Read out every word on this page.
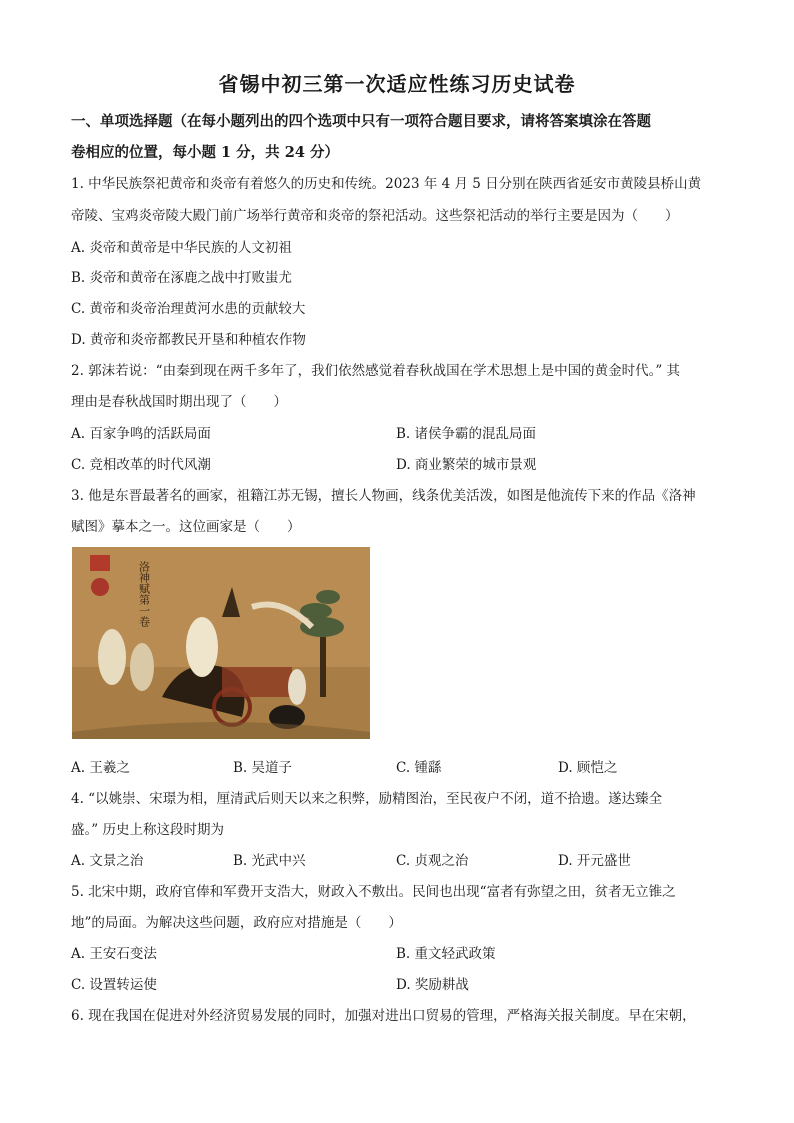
省锡中初三第一次适应性练习历史试卷
一、单项选择题（在每小题列出的四个选项中只有一项符合题目要求，请将答案填涂在答题
卷相应的位置，每小题 1 分，共 24 分）
1. 中华民族祭祀黄帝和炎帝有着悠久的历史和传统。2023 年 4 月 5 日分别在陕西省延安市黄陵县桥山黄
帝陵、宝鸡炎帝陵大殿门前广场举行黄帝和炎帝的祭祀活动。这些祭祀活动的举行主要是因为（　　）
A. 炎帝和黄帝是中华民族的人文初祖
B. 炎帝和黄帝在涿鹿之战中打败蚩尤
C. 黄帝和炎帝治理黄河水患的贡献较大
D. 黄帝和炎帝都教民开垦和种植农作物
2. 郭沫若说：“由秦到现在两千多年了，我们依然感觉着春秋战国在学术思想上是中国的黄金时代。” 其
理由是春秋战国时期出现了（　　）
A. 百家争鸣的活跃局面	B. 诸侯争霸的混乱局面
C. 竞相改革的时代风潮	D. 商业繁荣的城市景观
3. 他是东晋最著名的画家，祖籍江苏无锡，擅长人物画，线条优美活泼，如图是他流传下来的作品《洛神
赋图》摹本之一。这位画家是（　　）
洛神赋第一卷
A. 王羲之	B. 吴道子	C. 锺繇	D. 顾恺之
4. “以姚崇、宋璟为相，厘清武后则天以来之积弊，励精图治，至民夜户不闭，道不拾遗。遂达臻全
盛。” 历史上称这段时期为
A. 文景之治	B. 光武中兴	C. 贞观之治	D. 开元盛世
5. 北宋中期，政府官俸和军费开支浩大，财政入不敷出。民间也出现“富者有弥望之田，贫者无立锥之
地”的局面。为解决这些问题，政府应对措施是（　　）
A. 王安石变法	B. 重文轻武政策
C. 设置转运使	D. 奖励耕战
6. 现在我国在促进对外经济贸易发展的同时，加强对进出口贸易的管理，严格海关报关制度。早在宋朝，
